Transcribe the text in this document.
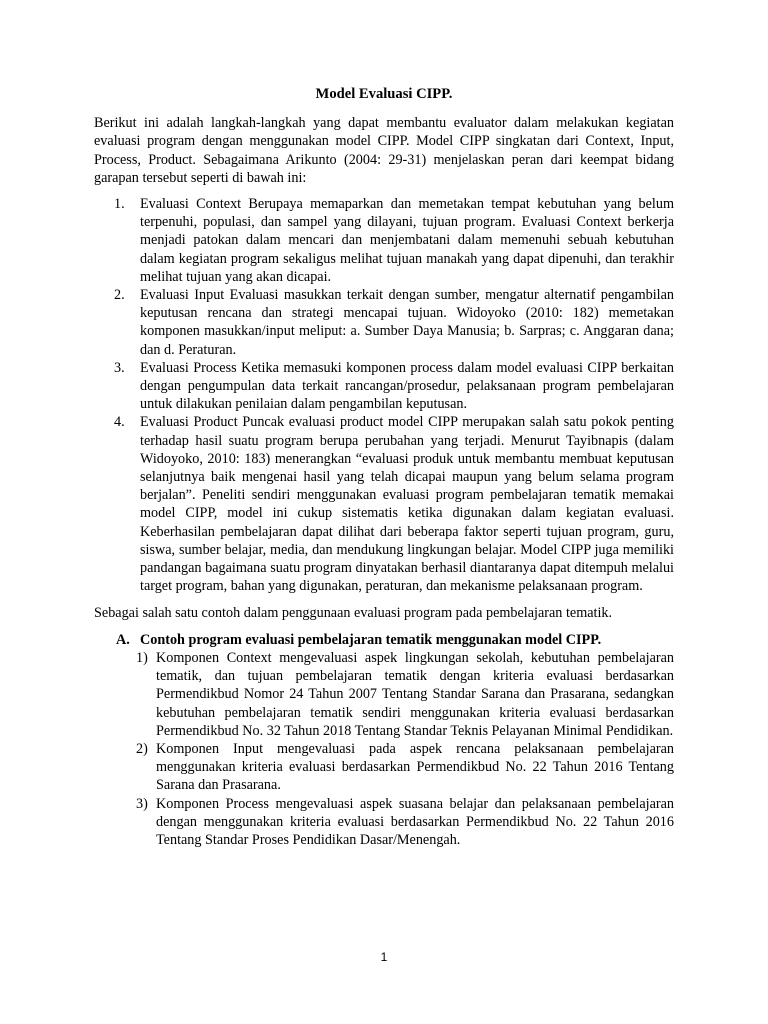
Model Evaluasi CIPP.

Berikut ini adalah langkah-langkah yang dapat membantu evaluator dalam melakukan kegiatan evaluasi program dengan menggunakan model CIPP. Model CIPP singkatan dari Context, Input, Process, Product. Sebagaimana Arikunto (2004: 29-31) menjelaskan peran dari keempat bidang garapan tersebut seperti di bawah ini:

1. Evaluasi Context Berupaya memaparkan dan memetakan tempat kebutuhan yang belum terpenuhi, populasi, dan sampel yang dilayani, tujuan program. Evaluasi Context berkerja menjadi patokan dalam mencari dan menjembatani dalam memenuhi sebuah kebutuhan dalam kegiatan program sekaligus melihat tujuan manakah yang dapat dipenuhi, dan terakhir melihat tujuan yang akan dicapai.
2. Evaluasi Input Evaluasi masukkan terkait dengan sumber, mengatur alternatif pengambilan keputusan rencana dan strategi mencapai tujuan. Widoyoko (2010: 182) memetakan komponen masukkan/input meliput: a. Sumber Daya Manusia; b. Sarpras; c. Anggaran dana; dan d. Peraturan.
3. Evaluasi Process Ketika memasuki komponen process dalam model evaluasi CIPP berkaitan dengan pengumpulan data terkait rancangan/prosedur, pelaksanaan program pembelajaran untuk dilakukan penilaian dalam pengambilan keputusan.
4. Evaluasi Product Puncak evaluasi product model CIPP merupakan salah satu pokok penting terhadap hasil suatu program berupa perubahan yang terjadi. Menurut Tayibnapis (dalam Widoyoko, 2010: 183) menerangkan “evaluasi produk untuk membantu membuat keputusan selanjutnya baik mengenai hasil yang telah dicapai maupun yang belum selama program berjalan”. Peneliti sendiri menggunakan evaluasi program pembelajaran tematik memakai model CIPP, model ini cukup sistematis ketika digunakan dalam kegiatan evaluasi. Keberhasilan pembelajaran dapat dilihat dari beberapa faktor seperti tujuan program, guru, siswa, sumber belajar, media, dan mendukung lingkungan belajar. Model CIPP juga memiliki pandangan bagaimana suatu program dinyatakan berhasil diantaranya dapat ditempuh melalui target program, bahan yang digunakan, peraturan, dan mekanisme pelaksanaan program.

Sebagai salah satu contoh dalam penggunaan evaluasi program pada pembelajaran tematik.

A. Contoh program evaluasi pembelajaran tematik menggunakan model CIPP.
1) Komponen Context mengevaluasi aspek lingkungan sekolah, kebutuhan pembelajaran tematik, dan tujuan pembelajaran tematik dengan kriteria evaluasi berdasarkan Permendikbud Nomor 24 Tahun 2007 Tentang Standar Sarana dan Prasarana, sedangkan kebutuhan pembelajaran tematik sendiri menggunakan kriteria evaluasi berdasarkan Permendikbud No. 32 Tahun 2018 Tentang Standar Teknis Pelayanan Minimal Pendidikan.
2) Komponen Input mengevaluasi pada aspek rencana pelaksanaan pembelajaran menggunakan kriteria evaluasi berdasarkan Permendikbud No. 22 Tahun 2016 Tentang Sarana dan Prasarana.
3) Komponen Process mengevaluasi aspek suasana belajar dan pelaksanaan pembelajaran dengan menggunakan kriteria evaluasi berdasarkan Permendikbud No. 22 Tahun 2016 Tentang Standar Proses Pendidikan Dasar/Menengah.
1
